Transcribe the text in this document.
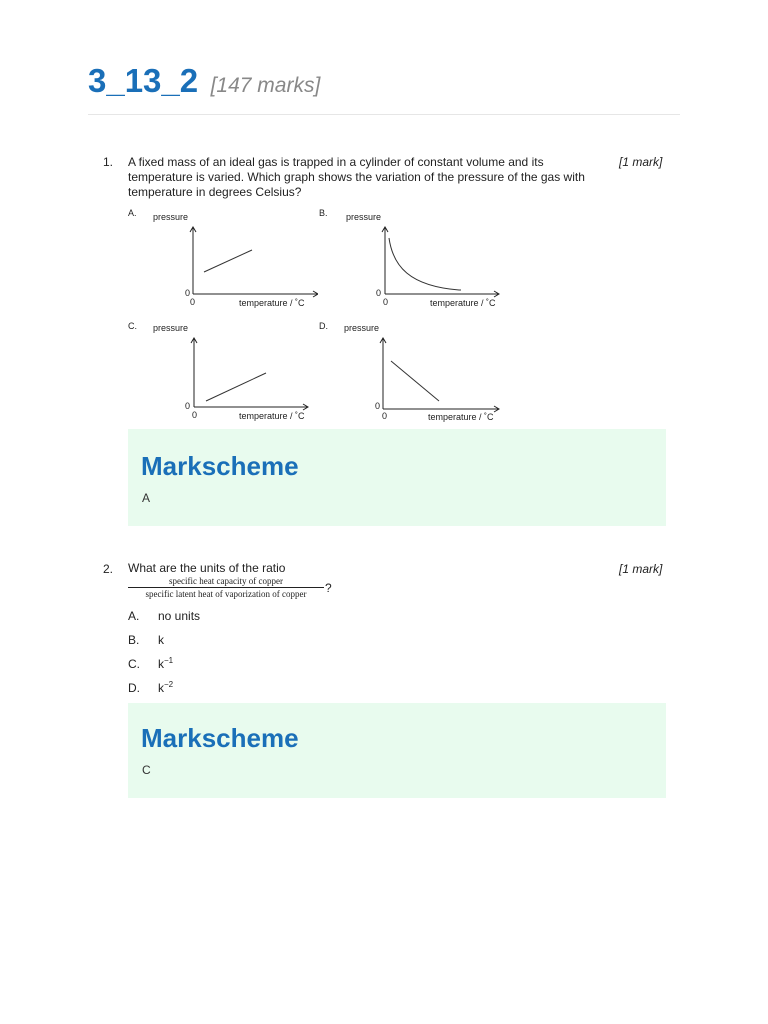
3_13_2 [147 marks]
1. A fixed mass of an ideal gas is trapped in a cylinder of constant volume and its temperature is varied. Which graph shows the variation of the pressure of the gas with temperature in degrees Celsius?
[1 mark]
A. pressure
0
0	temperature / ˚C
B. pressure
0
0	temperature / ˚C
C. pressure
0
0	temperature / ˚C
D. pressure
0
0	temperature / ˚C
Markscheme
A
2. What are the units of the ratio	[1 mark]
specific heat capacity of copper
specific latent heat of vaporization of copper	?
A. no units
B. k
C. $k^{-1}$
D. $k^{-2}$
Markscheme
C
